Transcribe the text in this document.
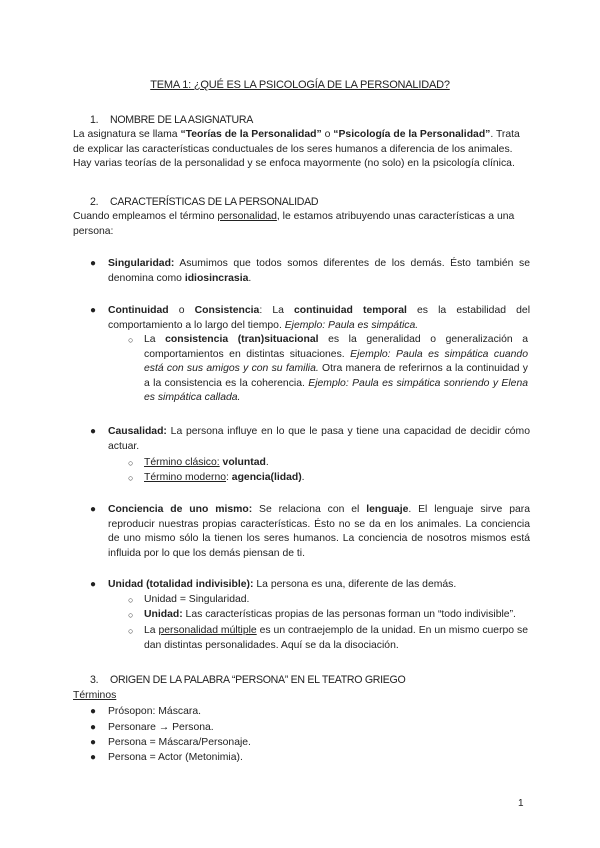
TEMA 1: ¿QUÉ ES LA PSICOLOGÍA DE LA PERSONALIDAD?
1. NOMBRE DE LA ASIGNATURA
La asignatura se llama “Teorías de la Personalidad” o “Psicología de la Personalidad”. Trata de explicar las características conductuales de los seres humanos a diferencia de los animales. Hay varias teorías de la personalidad y se enfoca mayormente (no solo) en la psicología clínica.
2. CARACTERÍSTICAS DE LA PERSONALIDAD
Cuando empleamos el término personalidad, le estamos atribuyendo unas características a una persona:
● Singularidad: Asumimos que todos somos diferentes de los demás. Ésto también se denomina como idiosincrasia.
● Continuidad o Consistencia: La continuidad temporal es la estabilidad del comportamiento a lo largo del tiempo. Ejemplo: Paula es simpática.
○ La consistencia (tran)situacional es la generalidad o generalización a comportamientos en distintas situaciones. Ejemplo: Paula es simpática cuando está con sus amigos y con su familia. Otra manera de referirnos a la continuidad y a la consistencia es la coherencia. Ejemplo: Paula es simpática sonriendo y Elena es simpática callada.
● Causalidad: La persona influye en lo que le pasa y tiene una capacidad de decidir cómo actuar.
○ Término clásico: voluntad.
○ Término moderno: agencia(lidad).
● Conciencia de uno mismo: Se relaciona con el lenguaje. El lenguaje sirve para reproducir nuestras propias características. Ésto no se da en los animales. La conciencia de uno mismo sólo la tienen los seres humanos. La conciencia de nosotros mismos está influida por lo que los demás piensan de ti.
● Unidad (totalidad indivisible): La persona es una, diferente de las demás.
○ Unidad = Singularidad.
○ Unidad: Las características propias de las personas forman un “todo indivisible”.
○ La personalidad múltiple es un contraejemplo de la unidad. En un mismo cuerpo se dan distintas personalidades. Aquí se da la disociación.
3. ORIGEN DE LA PALABRA “PERSONA” EN EL TEATRO GRIEGO
Términos
● Prósopon: Máscara.
● Personare → Persona.
● Persona = Máscara/Personaje.
● Persona = Actor (Metonimia).
1
